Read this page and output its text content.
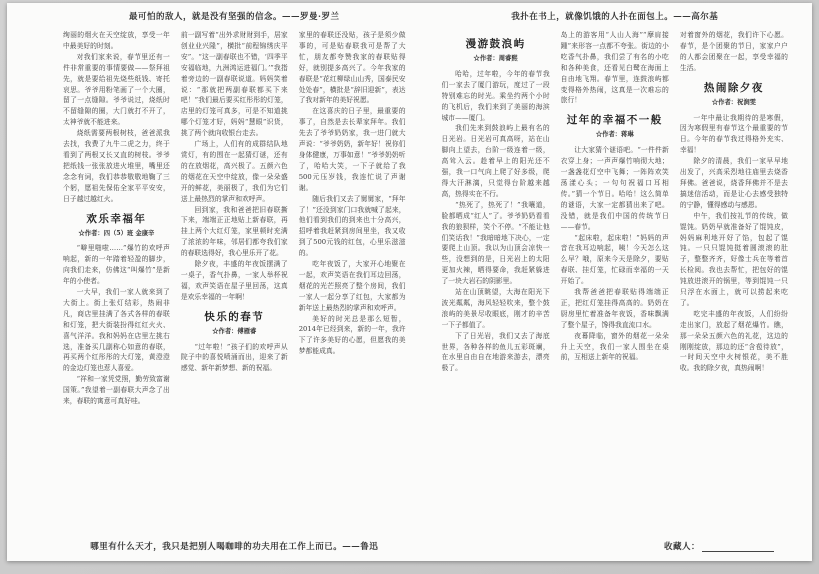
最可怕的敌人，就是没有坚强的信念。——罗曼·罗兰

绚丽的烟火在天空绽放，享受一年中最美好的时刻。

对我们家来说，春节里还有一件非常重要的事情要做——祭拜祖先，就是要给祖先烧些纸钱、寄托哀思。爷爷用粉笔画了一个大圈，留了一点缝隙。爷爷说过，烧纸时不留缝隙的圈，大门就打不开了，太神爷就不能进来。

烧纸需要两根树枝，爸爸派我去找，我费了九牛二虎之力，终于看到了两根又长又直的树枝。爷爷把纸钱一张张放进火堆里，嘴里还念念有词，我们恭恭敬敬地鞠了三个躬，愿祖先保佑全家平平安安，日子越过越红火。

欢乐幸福年

☆作者：四（5）班 金康辛

“噼里啪啦……”爆竹的欢呼声响起，新的一年踏着轻盈的脚步，向我们走来，仿佛这“叫爆竹”是新年的小使者。

一大早，我们一家人就来到了大街上。街上张灯结彩，热闹非凡，商店里挂满了各式各样的春联和灯笼，把大街装扮得红红火火、喜气洋洋。我和妈妈在店里左挑右选，准备买几副称心如意的春联，再买两个红彤彤的大灯笼，黄澄澄的金边灯笼也惹人喜爱。

“祥和一家凭党照，勤劳致富谢国策。”我望着一副春联大声念了出来，春联的寓意可真好哇。

前一副写着“出外求财财到手，居家创业业兴隆”，横批“前程锦绣庆平安”。“这一副春联也不错，‘四季平安福临地，九洲鸿运进福门。’”我指着旁边的一副春联说道。妈妈笑着说：“那就把两副春联都买下来吧！”我们最后要买红彤彤的灯笼，店里的灯笼可真多，可是不知道挑哪个灯笼才好，妈妈“慧眼”识货，挑了两个就向收银台走去。

广场上，人们有的成群结队地赏灯，有的围在一起猜灯谜，还有的在放烟花，高兴极了。五颜六色的烟花在天空中绽放，像一朵朵盛开的鲜花，美丽极了，我们为它们送上最热烈的掌声和欢呼声。

回到家，我和爸爸把旧春联撕下来，端端正正地贴上新春联，再挂上两个大红灯笼，家里顿时充满了浓浓的年味，邻居们都夸我们家的春联选得好，我心里乐开了花。

除夕夜，丰盛的年夜饭摆满了一桌子，香气扑鼻，一家人举杯祝福，欢声笑语在屋子里回荡，这真是欢乐幸福的一年啊！

快乐的春节

☆作者：傅雁睿

“过年啦！”孩子们的欢呼声从院子中的喜悦喷涌而出，迎来了新感觉、新年新梦想、新的祝福。

家里的春联还没贴，孩子是须少做事的，可是贴春联我可是帮了大忙，朋友都夸赞我家的春联贴得好，就别提多高兴了。今年我家的春联是“花红柳绿山山秀，国泰民安处处春”，横批是“辞旧迎新”，表达了我对新年的美好祝愿。

在这喜庆的日子里，最重要的事了，自然是去长辈家拜年。我们先去了爷爷奶奶家，我一进门就大声说：“爷爷奶奶，新年好！祝你们身体健康，万事如意！”爷爷奶奶听了，哈哈大笑，一下子就给了我500元压岁钱，我连忙说了声谢谢。

随后我们又去了舅舅家，“拜年了！”还没到家门口我就喊了起来，他们看到我们的到来也十分高兴，招呼着我赶紧到房间里坐，我又收到了500元钱的红包，心里乐滋滋的。

吃年夜饭了，大家开心地聚在一起，欢声笑语在我们耳边回荡，烟花的光芒照亮了整个房间，我们一家人一起分享了红包，大家都为新年送上最热烈的掌声和欢呼声。

美好的时光总是那么短暂，2014年已经到来，新的一年，我许下了许多美好的心愿，但愿我的美梦都能成真。

哪里有什么天才，我只是把别人喝咖啡的功夫用在工作上而已。——鲁迅
我扑在书上，就像饥饿的人扑在面包上。——高尔基
漫游鼓浪屿

☆作者：周睿熙

哈哈，过年啦，今年的春节我们一家去了厦门游玩，度过了一段特别难忘的时光。乘坐约两个小时的飞机后，我们来到了美丽的海滨城市——厦门。

我们先来到鼓浪屿上最有名的日光岩。日光岩可真高呀，站在山脚向上望去，台阶一级连着一级，高耸入云。趁着早上的阳光还不强，我一口气向上爬了好多级，爬得大汗淋漓，只觉得台阶越来越高，热得实在不行。

“热死了，热死了！”我嚷道，脸都晒成“红人”了。爷爷奶奶看看我的狼狈样，笑个不停。“不能让他们笑话我！”我暗暗地下决心，一定要爬上山顶。我以为山顶会凉快一些，没想到的是，日光岩上的太阳更加火辣，晒得要命，我赶紧躲进了一块大岩石的阴影里。

站在山顶眺望，大海在阳光下波光粼粼，海风轻轻吹来，整个鼓浪屿的美景尽收眼底，刚才的辛苦一下子都值了。

下了日光岩，我们又去了海底世界，各种各样的鱼儿五彩斑斓，在水里自由自在地游来游去，漂亮极了。

岛上的游客用“人山人海”“摩肩接踵”来形容一点都不夸张。街边的小吃香气扑鼻，我们尝了有名的小吃和各种美食，还看见白鹭在海面上自由地飞翔。春节里，连鼓浪屿都变得格外热闹，这真是一次难忘的旅行！

过年的幸福不一般

☆作者：蒋琳

让大家猜个谜语吧。“一件件新衣穿上身；一声声爆竹响彻大地；一盏盏花灯空中飞舞；一阵阵欢笑荡漾心头；一句句祝福口耳相传。”猜一个节日。哈哈！这么简单的谜语，大家一定都猜出来了吧。没错，就是我们中国的传统节日——春节。

“起床啦，起床啦！”妈妈的声音在我耳边响起，咦！今天怎么这么早？哦，原来今天是除夕，要贴春联、挂灯笼，忙碌而幸福的一天开始了。

我帮爸爸把春联贴得端端正正，把红灯笼挂得高高的。奶奶在厨房里忙着准备年夜饭，香味飘满了整个屋子，馋得我直流口水。

夜幕降临，窗外的烟花一朵朵升上天空，我们一家人围坐在桌前，互相送上新年的祝福。

对着窗外的烟花，我们许下心愿。春节，是个团聚的节日，家家户户的人都会团聚在一起，享受幸福的生活。

热闹除夕夜

☆作者：祝涧雯

一年中最让我期待的是寒假，因为寒假里有春节这个最重要的节日。今年的春节我过得格外充实、幸福！

除夕的清晨，我们一家早早地出发了，兴高采烈地往庙里去烧香拜佛。爸爸说，烧香拜佛并不是去搞迷信活动，而是让心去感受独特的宁静，懂得感动与感恩。

中午，我们按礼节的传统，做馄饨。奶奶早就准备好了馄饨皮，妈妈麻利地开好了馅，包起了馄饨。一只只馄饨挺着圆滚滚的肚子，整整齐齐，好像士兵在等着首长检阅。我也去帮忙，把包好的馄饨放进滚开的锅里，等到馄饨一只只浮在水面上，就可以捞起来吃了。

吃完丰盛的年夜饭，人们纷纷走出家门，放起了烟花爆竹。瞧，那一朵朵五颜六色的礼花，这边的刚刚绽放，那边的还“含苞待放”，一时间天空中火树银花，美不胜收。我的除夕夜，真热闹啊！

收藏人：
